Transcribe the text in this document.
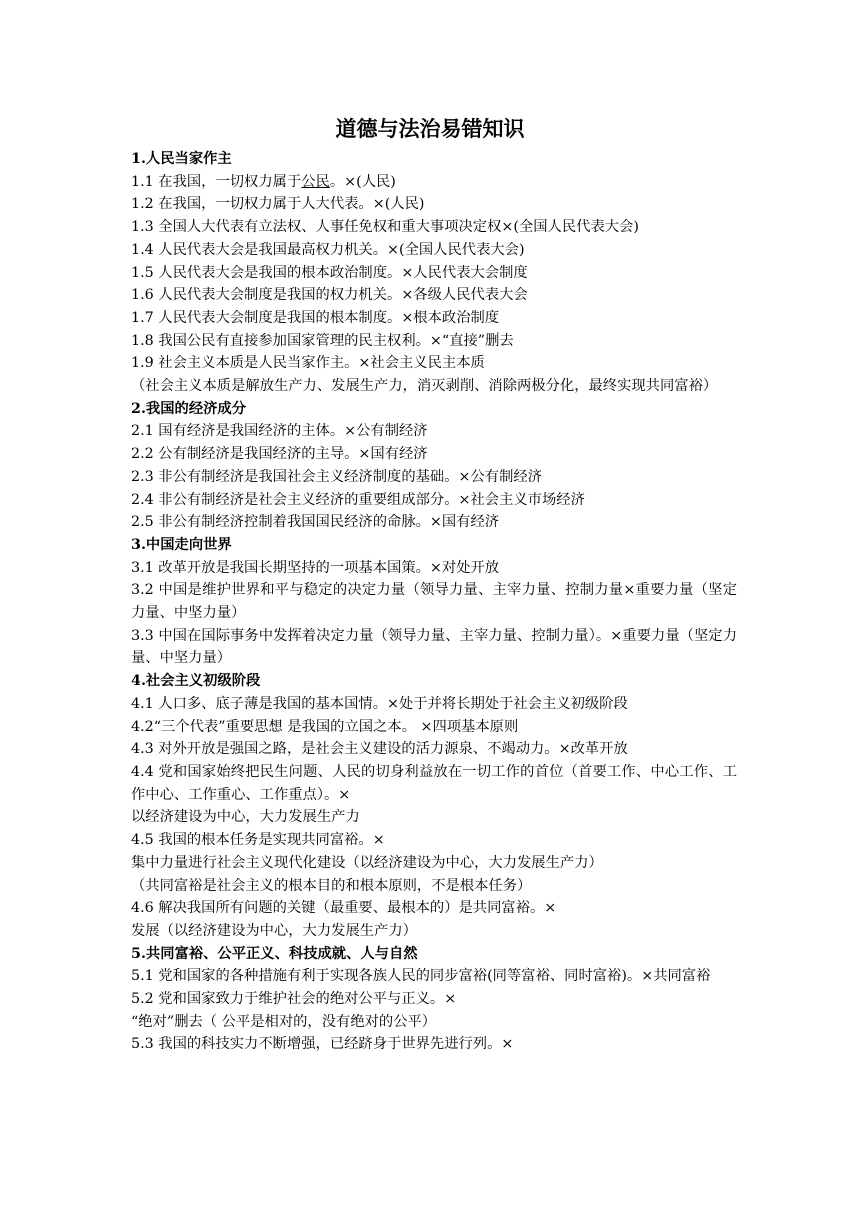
道德与法治易错知识
1.人民当家作主
1.1 在我国，一切权力属于公民。×(人民)
1.2 在我国，一切权力属于人大代表。×(人民)
1.3 全国人大代表有立法权、人事任免权和重大事项决定权×(全国人民代表大会)
1.4 人民代表大会是我国最高权力机关。×(全国人民代表大会)
1.5 人民代表大会是我国的根本政治制度。×人民代表大会制度
1.6 人民代表大会制度是我国的权力机关。×各级人民代表大会
1.7 人民代表大会制度是我国的根本制度。×根本政治制度
1.8 我国公民有直接参加国家管理的民主权利。×“直接”删去
1.9 社会主义本质是人民当家作主。×社会主义民主本质
（社会主义本质是解放生产力、发展生产力，消灭剥削、消除两极分化，最终实现共同富裕）
2.我国的经济成分
2.1 国有经济是我国经济的主体。×公有制经济
2.2 公有制经济是我国经济的主导。×国有经济
2.3 非公有制经济是我国社会主义经济制度的基础。×公有制经济
2.4 非公有制经济是社会主义经济的重要组成部分。×社会主义市场经济
2.5 非公有制经济控制着我国国民经济的命脉。×国有经济
3.中国走向世界
3.1 改革开放是我国长期坚持的一项基本国策。×对处开放
3.2 中国是维护世界和平与稳定的决定力量（领导力量、主宰力量、控制力量×重要力量（坚定力量、中坚力量）
3.3 中国在国际事务中发挥着决定力量（领导力量、主宰力量、控制力量）。×重要力量（坚定力量、中坚力量）
4.社会主义初级阶段
4.1 人口多、底子薄是我国的基本国情。×处于并将长期处于社会主义初级阶段
4.2“三个代表”重要思想 是我国的立国之本。 ×四项基本原则
4.3 对外开放是强国之路，是社会主义建设的活力源泉、不竭动力。×改革开放
4.4 党和国家始终把民生问题、人民的切身利益放在一切工作的首位（首要工作、中心工作、工作中心、工作重心、工作重点）。×
以经济建设为中心，大力发展生产力
4.5 我国的根本任务是实现共同富裕。×
集中力量进行社会主义现代化建设（以经济建设为中心，大力发展生产力）
（共同富裕是社会主义的根本目的和根本原则，不是根本任务）
4.6 解决我国所有问题的关键（最重要、最根本的）是共同富裕。×
发展（以经济建设为中心，大力发展生产力）
5.共同富裕、公平正义、科技成就、人与自然
5.1 党和国家的各种措施有利于实现各族人民的同步富裕(同等富裕、同时富裕)。×共同富裕
5.2 党和国家致力于维护社会的绝对公平与正义。×
“绝对”删去（ 公平是相对的，没有绝对的公平）
5.3 我国的科技实力不断增强，已经跻身于世界先进行列。×
